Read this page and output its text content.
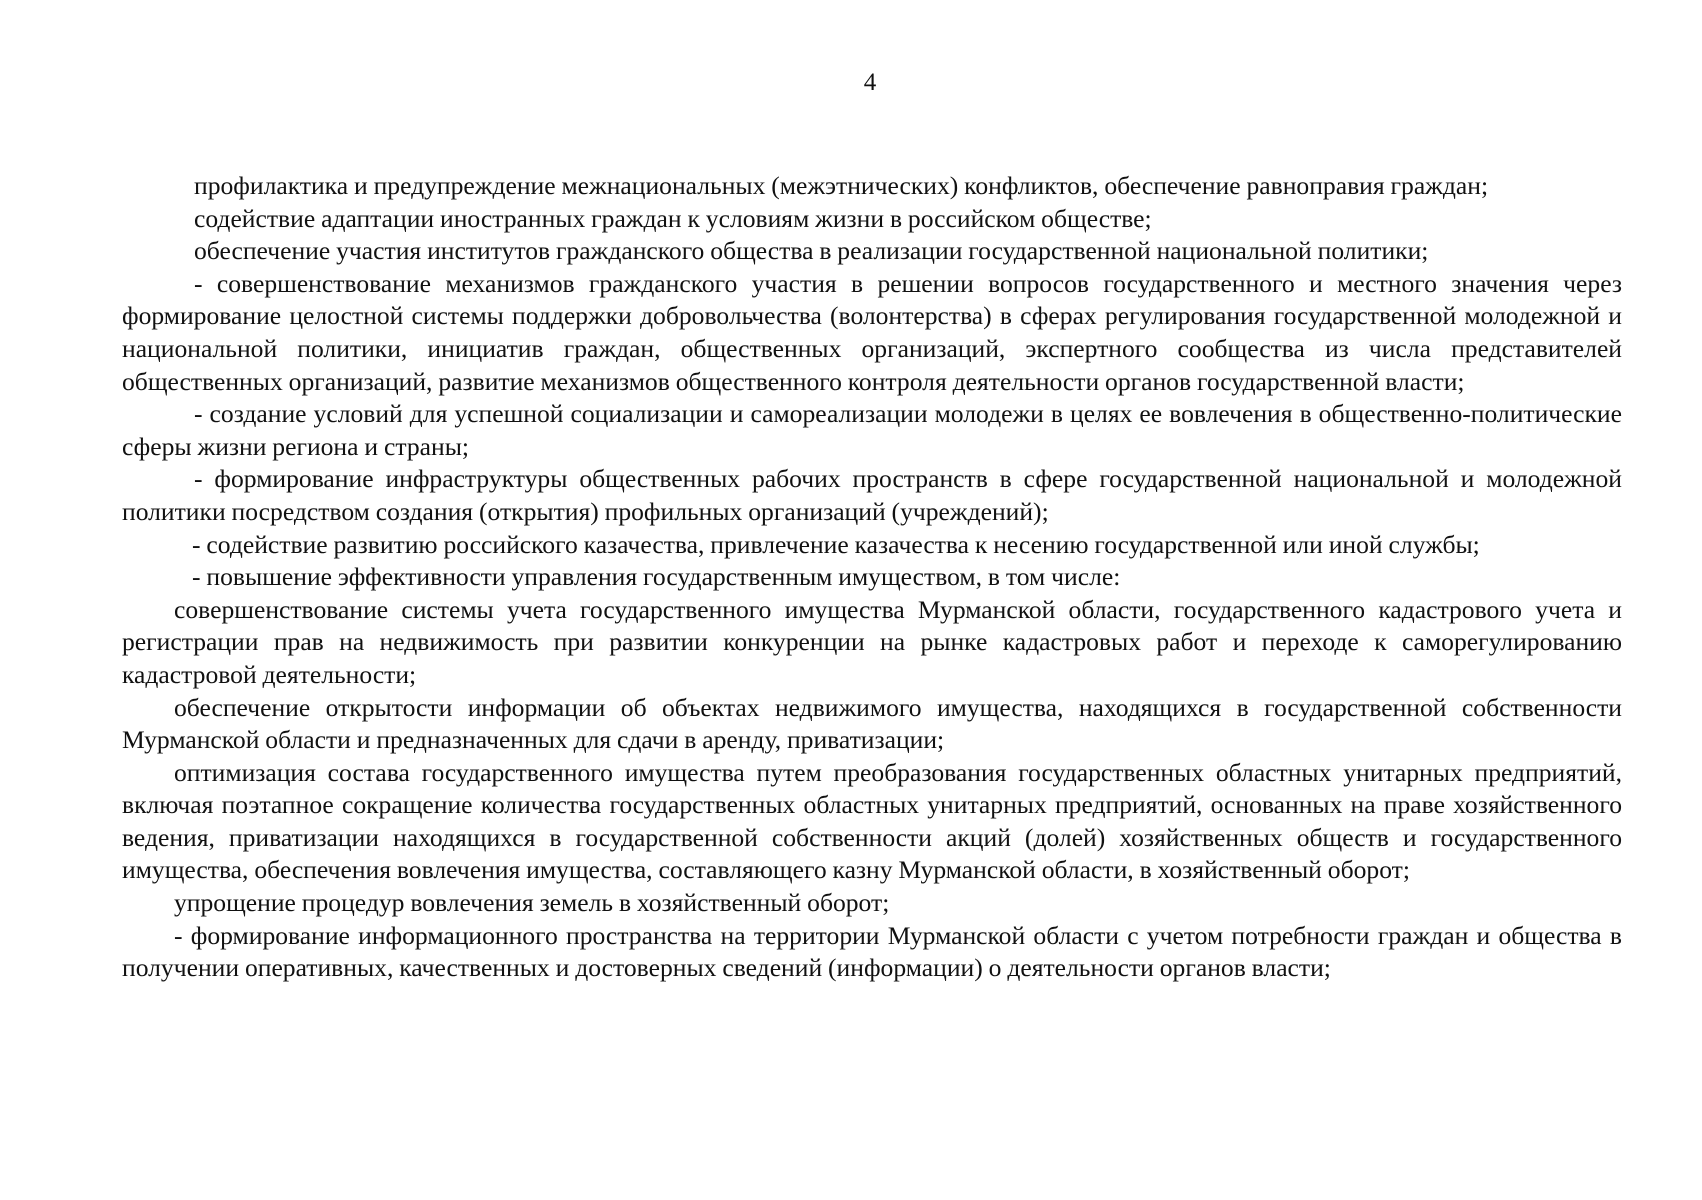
4

профилактика и предупреждение межнациональных (межэтнических) конфликтов, обеспечение равноправия граждан;

содействие адаптации иностранных граждан к условиям жизни в российском обществе;

обеспечение участия институтов гражданского общества в реализации государственной национальной политики;

- совершенствование механизмов гражданского участия в решении вопросов государственного и местного значения через формирование целостной системы поддержки добровольчества (волонтерства) в сферах регулирования государственной молодежной и национальной политики, инициатив граждан, общественных организаций, экспертного сообщества из числа представителей общественных организаций, развитие механизмов общественного контроля деятельности органов государственной власти;

- создание условий для успешной социализации и самореализации молодежи в целях ее вовлечения в общественно-политические сферы жизни региона и страны;

- формирование инфраструктуры общественных рабочих пространств в сфере государственной национальной и молодежной политики посредством создания (открытия) профильных организаций (учреждений);

- содействие развитию российского казачества, привлечение казачества к несению государственной или иной службы;

- повышение эффективности управления государственным имуществом, в том числе:

совершенствование системы учета государственного имущества Мурманской области, государственного кадастрового учета и регистрации прав на недвижимость при развитии конкуренции на рынке кадастровых работ и переходе к саморегулированию кадастровой деятельности;

обеспечение открытости информации об объектах недвижимого имущества, находящихся в государственной собственности Мурманской области и предназначенных для сдачи в аренду, приватизации;

оптимизация состава государственного имущества путем преобразования государственных областных унитарных предприятий, включая поэтапное сокращение количества государственных областных унитарных предприятий, основанных на праве хозяйственного ведения, приватизации находящихся в государственной собственности акций (долей) хозяйственных обществ и государственного имущества, обеспечения вовлечения имущества, составляющего казну Мурманской области, в хозяйственный оборот;

упрощение процедур вовлечения земель в хозяйственный оборот;

- формирование информационного пространства на территории Мурманской области с учетом потребности граждан и общества в получении оперативных, качественных и достоверных сведений (информации) о деятельности органов власти;
